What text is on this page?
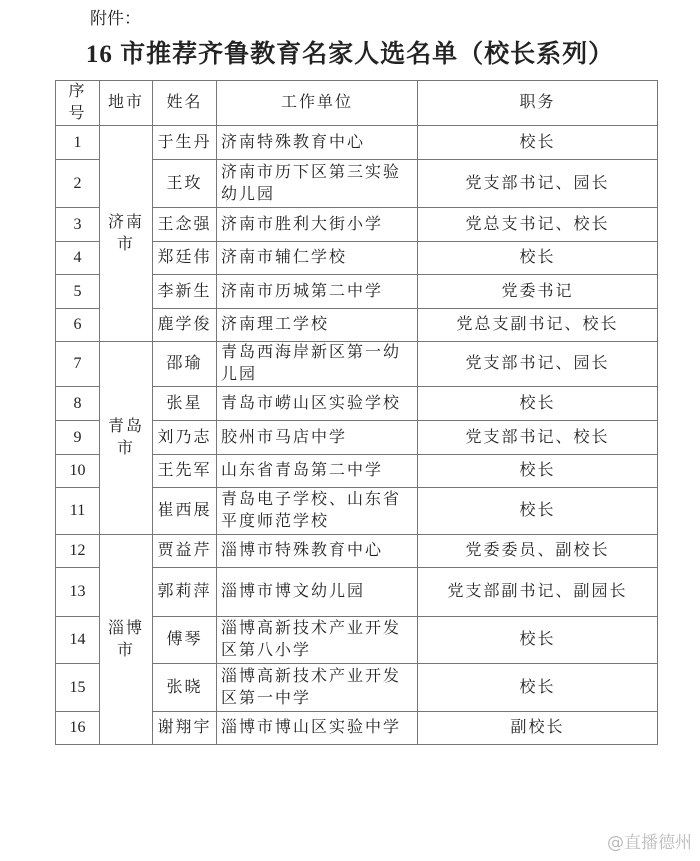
附件：
16 市推荐齐鲁教育名家人选名单（校长系列）
序号	地市	姓名	工作单位	职务
1	济南市	于生丹	济南特殊教育中心	校长
2		王玫	济南市历下区第三实验幼儿园	党支部书记、园长
3		王念强	济南市胜利大街小学	党总支书记、校长
4		郑廷伟	济南市辅仁学校	校长
5		李新生	济南市历城第二中学	党委书记
6		鹿学俊	济南理工学校	党总支副书记、校长
7	青岛市	邵瑜	青岛西海岸新区第一幼儿园	党支部书记、园长
8		张星	青岛市崂山区实验学校	校长
9		刘乃志	胶州市马店中学	党支部书记、校长
10		王先军	山东省青岛第二中学	校长
11		崔西展	青岛电子学校、山东省平度师范学校	校长
12	淄博市	贾益芹	淄博市特殊教育中心	党委委员、副校长
13		郭莉萍	淄博市博文幼儿园	党支部副书记、副园长
14		傅琴	淄博高新技术产业开发区第八小学	校长
15		张晓	淄博高新技术产业开发区第一中学	校长
16		谢翔宇	淄博市博山区实验中学	副校长
@直播德州
